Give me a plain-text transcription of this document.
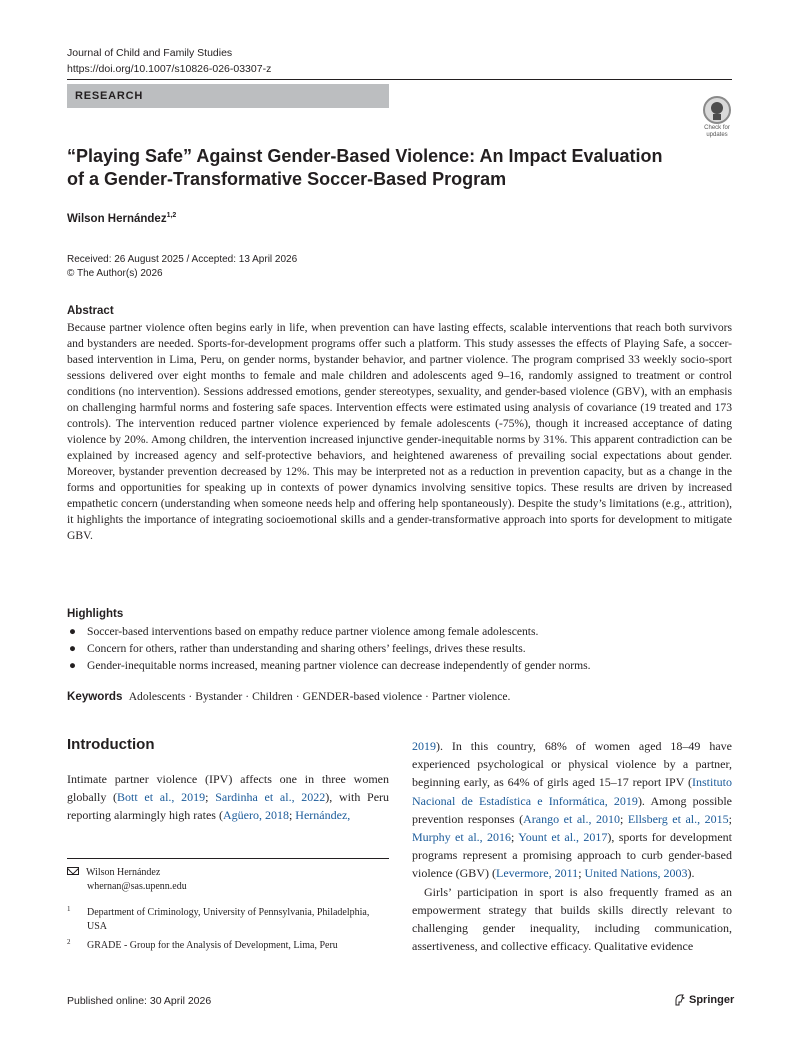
Journal of Child and Family Studies
https://doi.org/10.1007/s10826-026-03307-z
RESEARCH
Check for updates
“Playing Safe” Against Gender-Based Violence: An Impact Evaluation
of a Gender-Transformative Soccer-Based Program
Wilson Hernández$^{1,2}$
Received: 26 August 2025 / Accepted: 13 April 2026
© The Author(s) 2026
Abstract
Because partner violence often begins early in life, when prevention can have lasting effects, scalable interventions that reach both survivors and bystanders are needed. Sports-for-development programs offer such a platform. This study assesses the effects of Playing Safe, a soccer-based intervention in Lima, Peru, on gender norms, bystander behavior, and partner violence. The program comprised 33 weekly socio-sport sessions delivered over eight months to female and male children and adolescents aged 9–16, randomly assigned to treatment or control conditions (no intervention). Sessions addressed emotions, gender stereotypes, sexuality, and gender-based violence (GBV), with an emphasis on challenging harmful norms and fostering safe spaces. Intervention effects were estimated using analysis of covariance (19 treated and 173 controls). The intervention reduced partner violence experienced by female adolescents (-75%), though it increased acceptance of dating violence by 20%. Among children, the intervention increased injunctive gender-inequitable norms by 31%. This apparent contradiction can be explained by increased agency and self-protective behaviors, and heightened awareness of prevailing social expectations about gender. Moreover, bystander prevention decreased by 12%. This may be interpreted not as a reduction in prevention capacity, but as a change in the forms and opportunities for speaking up in contexts of power dynamics involving sensitive topics. These results are driven by increased empathetic concern (understanding when someone needs help and offering help spontaneously). Despite the study’s limitations (e.g., attrition), it highlights the importance of integrating socioemotional skills and a gender-transformative approach into sports for development to mitigate GBV.
Highlights
● Soccer-based interventions based on empathy reduce partner violence among female adolescents.
● Concern for others, rather than understanding and sharing others’ feelings, drives these results.
● Gender-inequitable norms increased, meaning partner violence can decrease independently of gender norms.
Keywords Adolescents · Bystander · Children · GENDER-based violence · Partner violence.
Introduction

Intimate partner violence (IPV) affects one in three women globally (Bott et al., 2019; Sardinha et al., 2022), with Peru reporting alarmingly high rates (Agüero, 2018; Hernández,

Wilson Hernández
whernan@sas.upenn.edu
1 Department of Criminology, University of Pennsylvania, Philadelphia, USA
2 GRADE - Group for the Analysis of Development, Lima, Peru

2019). In this country, 68% of women aged 18–49 have experienced psychological or physical violence by a partner, beginning early, as 64% of girls aged 15–17 report IPV (Instituto Nacional de Estadística e Informática, 2019). Among possible prevention responses (Arango et al., 2010; Ellsberg et al., 2015; Murphy et al., 2016; Yount et al., 2017), sports for development programs represent a promising approach to curb gender-based violence (GBV) (Levermore, 2011; United Nations, 2003).

Girls’ participation in sport is also frequently framed as an empowerment strategy that builds skills directly relevant to challenging gender inequality, including communication, assertiveness, and collective efficacy. Qualitative evidence

Published online: 30 April 2026	Springer
